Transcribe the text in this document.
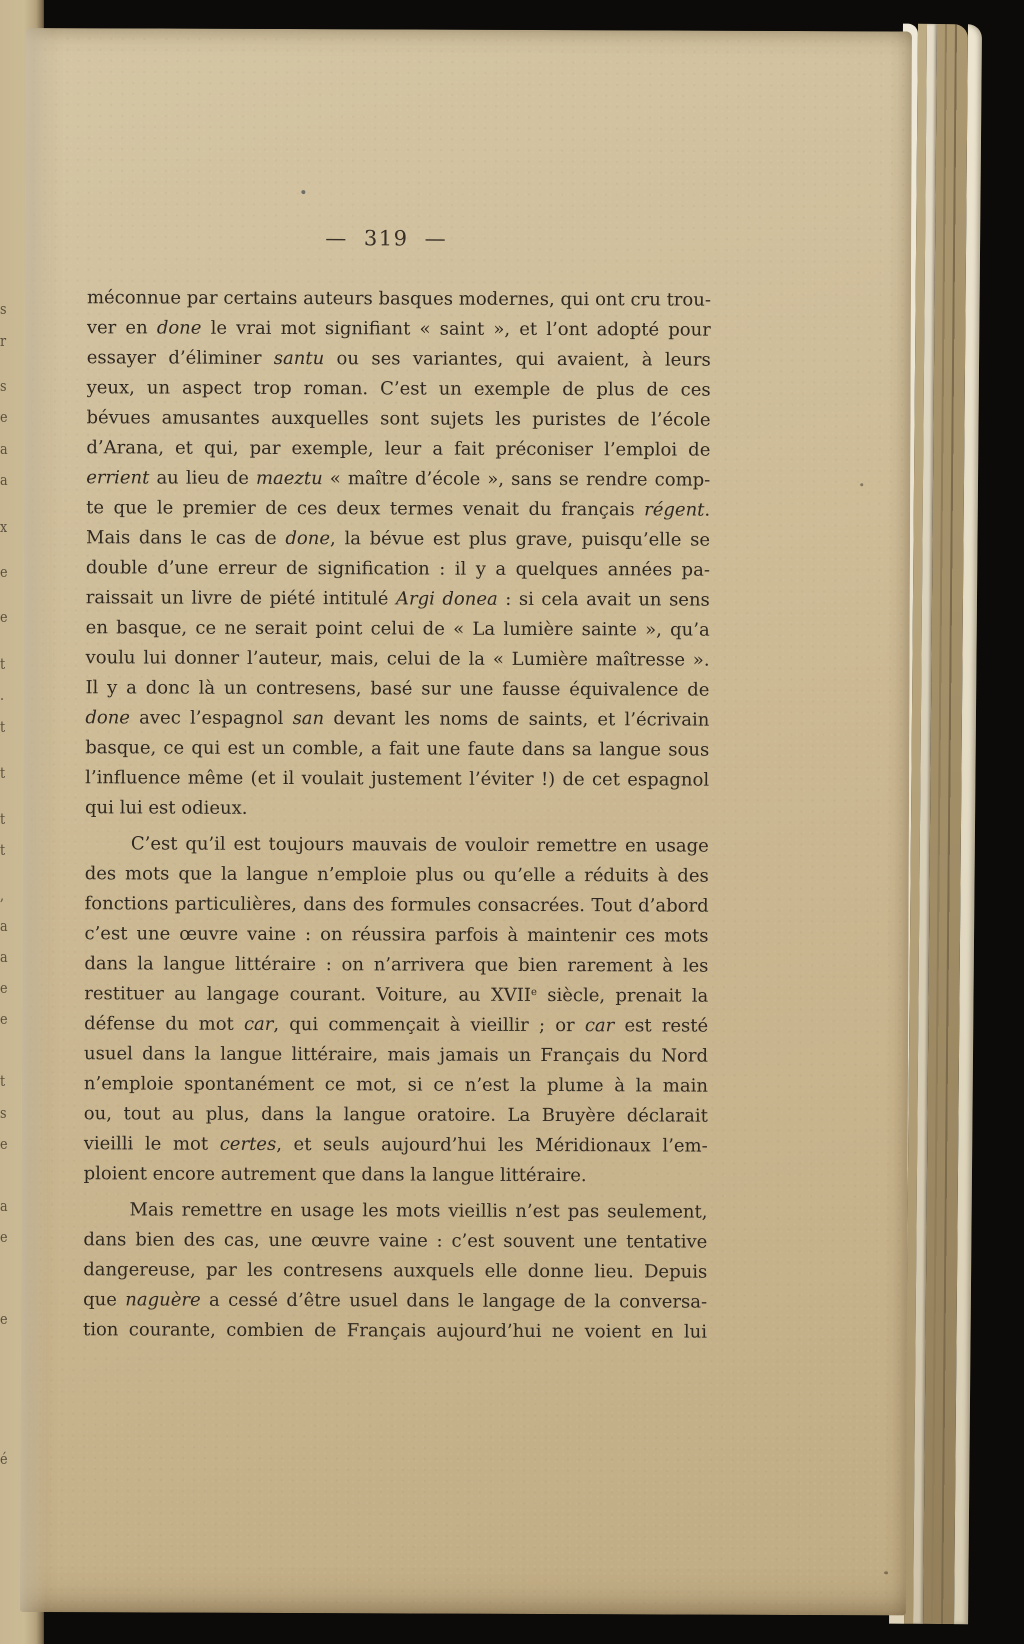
s
r
s
e
a
a
x
e
e
t
.
t
t
t
t
,
a
a
e
e
t
s
e
a
e
e
é
— 319 —
méconnue par certains auteurs basques modernes, qui ont cru trou-
ver en done le vrai mot signifiant « saint », et l’ont adopté pour
essayer d’éliminer santu ou ses variantes, qui avaient, à leurs
yeux, un aspect trop roman. C’est un exemple de plus de ces
bévues amusantes auxquelles sont sujets les puristes de l’école
d’Arana, et qui, par exemple, leur a fait préconiser l’emploi de
errient au lieu de maeztu « maître d’école », sans se rendre comp-
te que le premier de ces deux termes venait du français régent.
Mais dans le cas de done, la bévue est plus grave, puisqu’elle se
double d’une erreur de signification : il y a quelques années pa-
raissait un livre de piété intitulé Argi donea : si cela avait un sens
en basque, ce ne serait point celui de « La lumière sainte », qu’a
voulu lui donner l’auteur, mais, celui de la « Lumière maîtresse ».
Il y a donc là un contresens, basé sur une fausse équivalence de
done avec l’espagnol san devant les noms de saints, et l’écrivain
basque, ce qui est un comble, a fait une faute dans sa langue sous
l’influence même (et il voulait justement l’éviter !) de cet espagnol
qui lui est odieux.
C’est qu’il est toujours mauvais de vouloir remettre en usage
des mots que la langue n’emploie plus ou qu’elle a réduits à des
fonctions particulières, dans des formules consacrées. Tout d’abord
c’est une œuvre vaine : on réussira parfois à maintenir ces mots
dans la langue littéraire : on n’arrivera que bien rarement à les
restituer au langage courant. Voiture, au XVIIe siècle, prenait la
défense du mot car, qui commençait à vieillir ; or car est resté
usuel dans la langue littéraire, mais jamais un Français du Nord
n’emploie spontanément ce mot, si ce n’est la plume à la main
ou, tout au plus, dans la langue oratoire. La Bruyère déclarait
vieilli le mot certes, et seuls aujourd’hui les Méridionaux l’em-
ploient encore autrement que dans la langue littéraire.
Mais remettre en usage les mots vieillis n’est pas seulement,
dans bien des cas, une œuvre vaine : c’est souvent une tentative
dangereuse, par les contresens auxquels elle donne lieu. Depuis
que naguère a cessé d’être usuel dans le langage de la conversa-
tion courante, combien de Français aujourd’hui ne voient en lui
